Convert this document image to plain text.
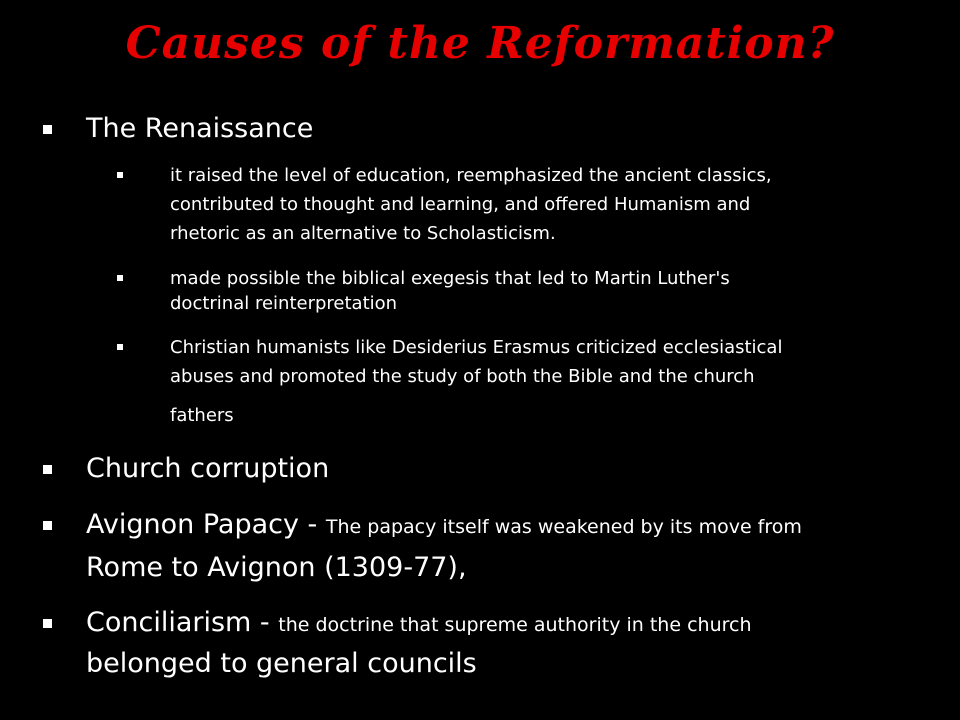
Causes of the Reformation?
The Renaissance
it raised the level of education, reemphasized the ancient classics,
contributed to thought and learning, and offered Humanism and
rhetoric as an alternative to Scholasticism.
made possible the biblical exegesis that led to Martin Luther's
doctrinal reinterpretation
Christian humanists like Desiderius Erasmus criticized ecclesiastical
abuses and promoted the study of both the Bible and the church
fathers
Church corruption
Avignon Papacy - The papacy itself was weakened by its move from
Rome to Avignon (1309-77),
Conciliarism - the doctrine that supreme authority in the church
belonged to general councils
